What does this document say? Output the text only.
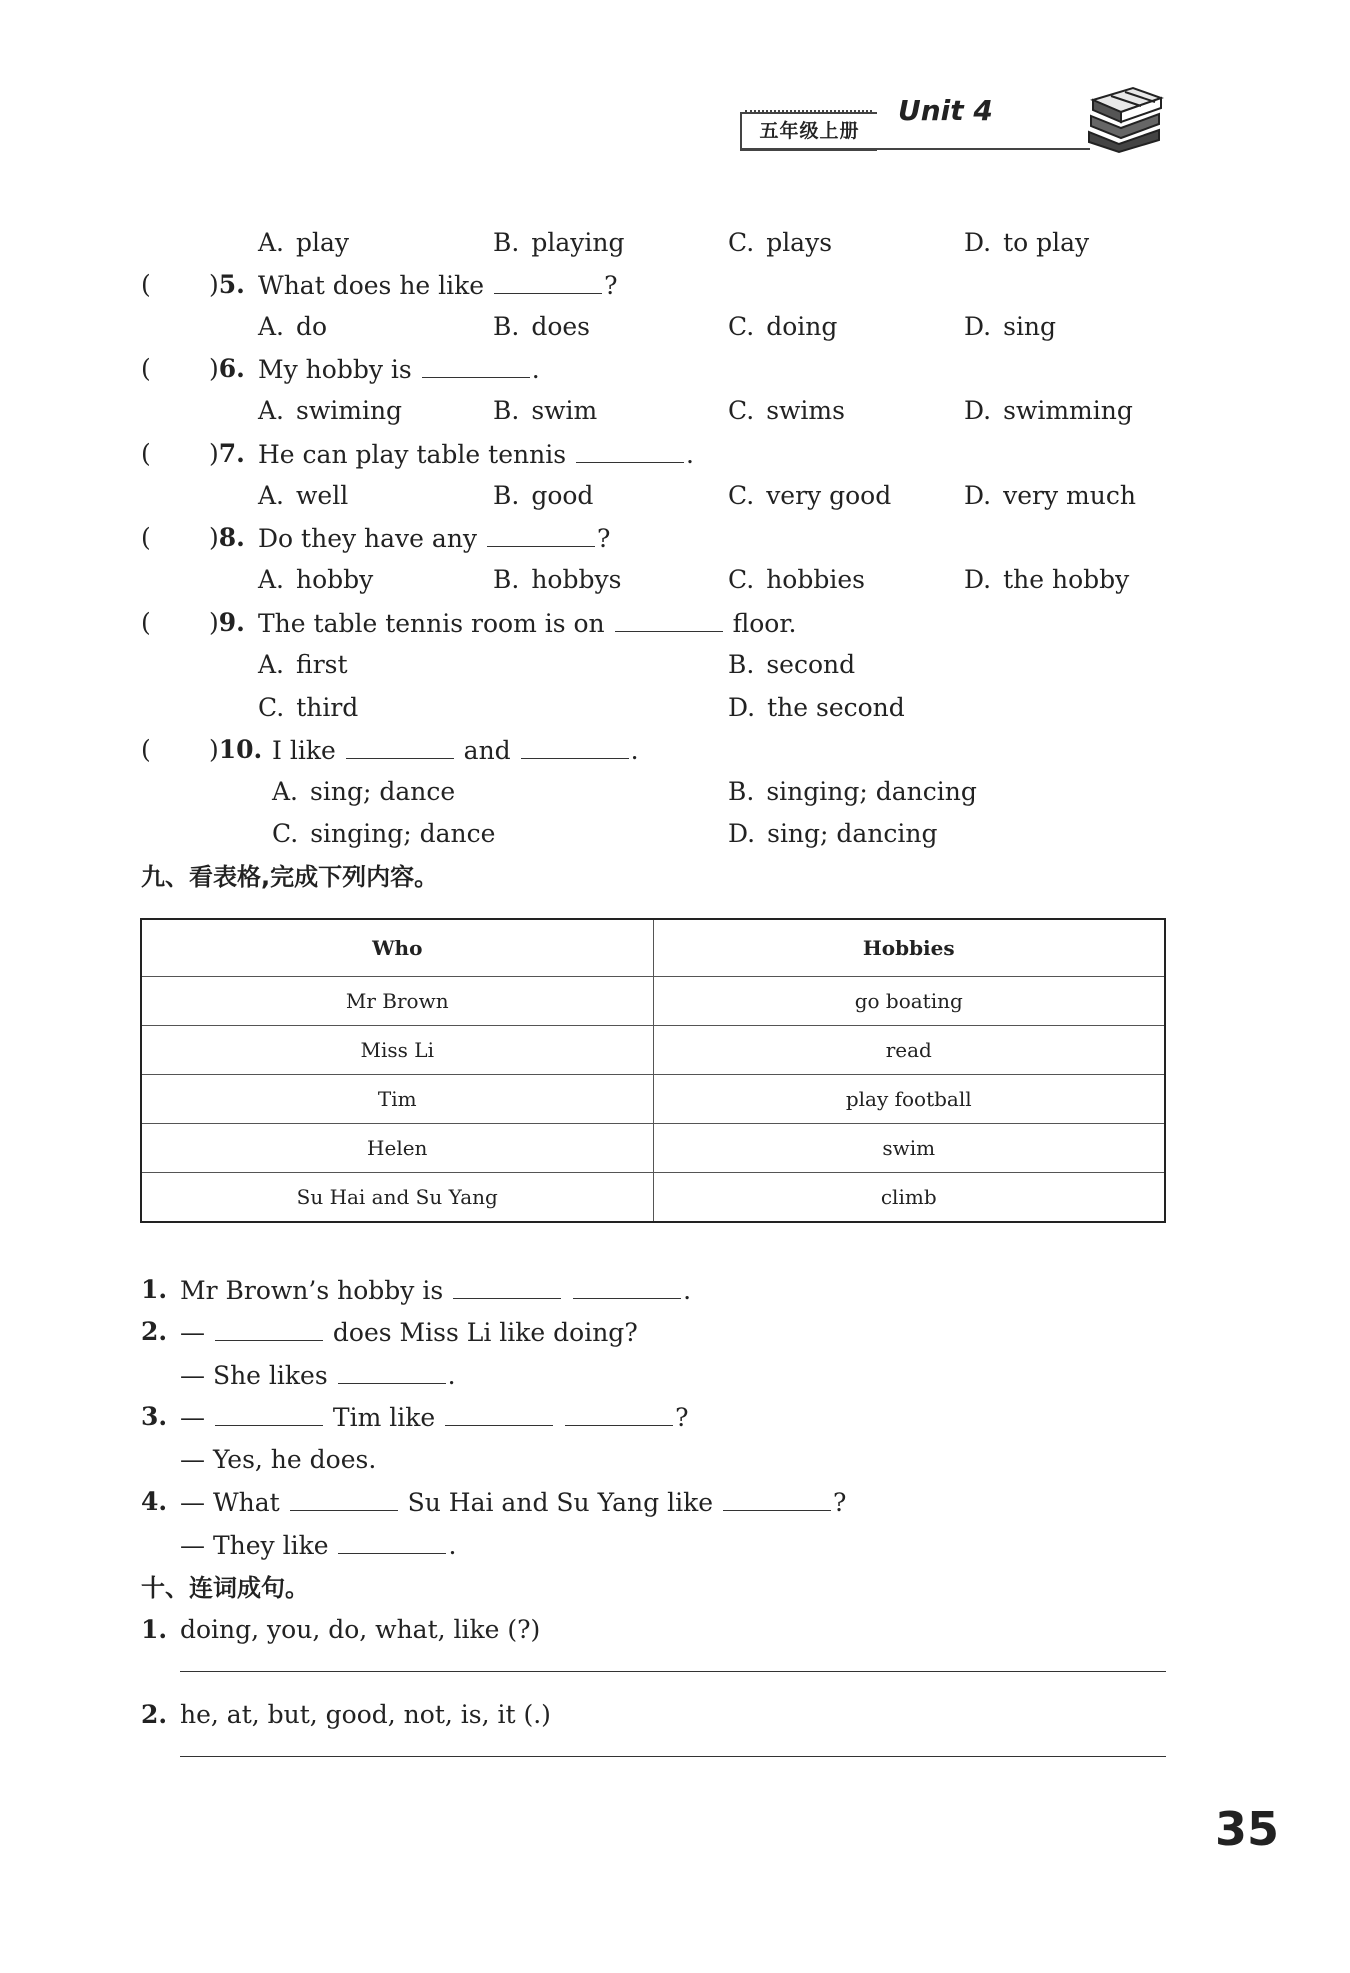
五年级上册
Unit 4
A. play	B. playing	C. plays	D. to play
( )5. What does he like	?
A. do	B. does	C. doing	D. sing
( )6. My hobby is	.
A. swiming	B. swim	C. swims	D. swimming
( )7. He can play table tennis	.
A. well	B. good	C. very good	D. very much
( )8. Do they have any	?
A. hobby	B. hobbys	C. hobbies	D. the hobby
( )9. The table tennis room is on	floor.
A. first	B. second
C. third	D. the second
( )10. I like	and	.
A. sing; dance	B. singing; dancing
C. singing; dance	D. sing; dancing
九、看表格,完成下列内容。
Who	Hobbies
Mr Brown	go boating
Miss Li	read
Tim	play football
Helen	swim
Su Hai and Su Yang	climb
1. Mr Brown’s hobby is	.
2. —	does Miss Li like doing?
— She likes	.
3. —	Tim like	?
— Yes, he does.
4. — What	Su Hai and Su Yang like	?
— They like	.
十、连词成句。
1. doing, you, do, what, like (?)
2. he, at, but, good, not, is, it (.)
35
